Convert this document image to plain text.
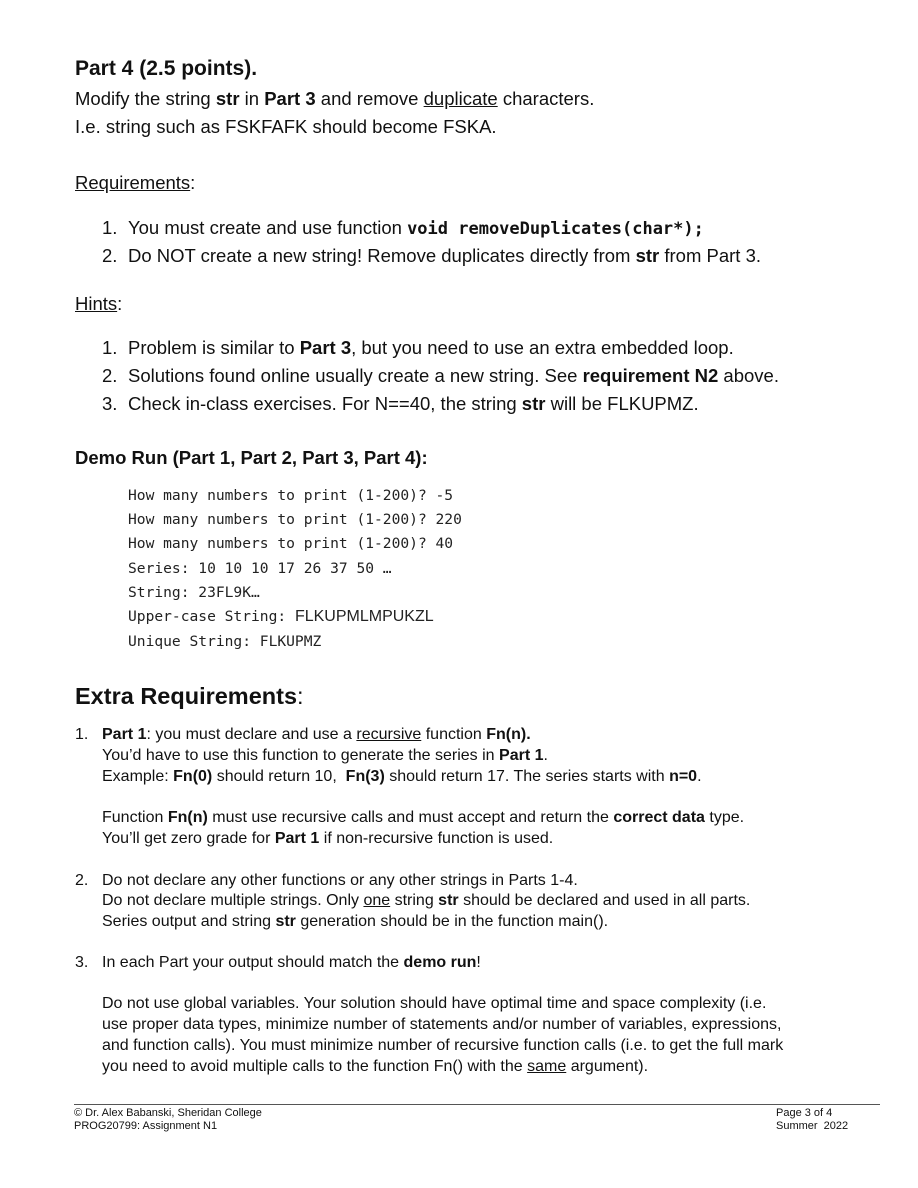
Part 4 (2.5 points).
Modify the string str in Part 3 and remove duplicate characters.
I.e. string such as FSKFAFK should become FSKA.
Requirements:
1. You must create and use function void removeDuplicates(char*);
2. Do NOT create a new string! Remove duplicates directly from str from Part 3.
Hints:
1. Problem is similar to Part 3, but you need to use an extra embedded loop.
2. Solutions found online usually create a new string. See requirement N2 above.
3. Check in-class exercises. For N==40, the string str will be FLKUPMZ.
Demo Run (Part 1, Part 2, Part 3, Part 4):
How many numbers to print (1-200)? -5
How many numbers to print (1-200)? 220
How many numbers to print (1-200)? 40
Series: 10 10 10 17 26 37 50 …
String: 23FL9K…
Upper-case String: FLKUPMLMPUKZL
Unique String: FLKUPMZ
Extra Requirements:
1. Part 1: you must declare and use a recursive function Fn(n).
You’d have to use this function to generate the series in Part 1.
Example: Fn(0) should return 10,  Fn(3) should return 17. The series starts with n=0.
Function Fn(n) must use recursive calls and must accept and return the correct data type.
You’ll get zero grade for Part 1 if non-recursive function is used.
2. Do not declare any other functions or any other strings in Parts 1-4.
Do not declare multiple strings. Only one string str should be declared and used in all parts.
Series output and string str generation should be in the function main().
3. In each Part your output should match the demo run!
Do not use global variables. Your solution should have optimal time and space complexity (i.e.
use proper data types, minimize number of statements and/or number of variables, expressions,
and function calls). You must minimize number of recursive function calls (i.e. to get the full mark
you need to avoid multiple calls to the function Fn() with the same argument).
© Dr. Alex Babanski, Sheridan College
PROG20799: Assignment N1
Page 3 of 4
Summer  2022
